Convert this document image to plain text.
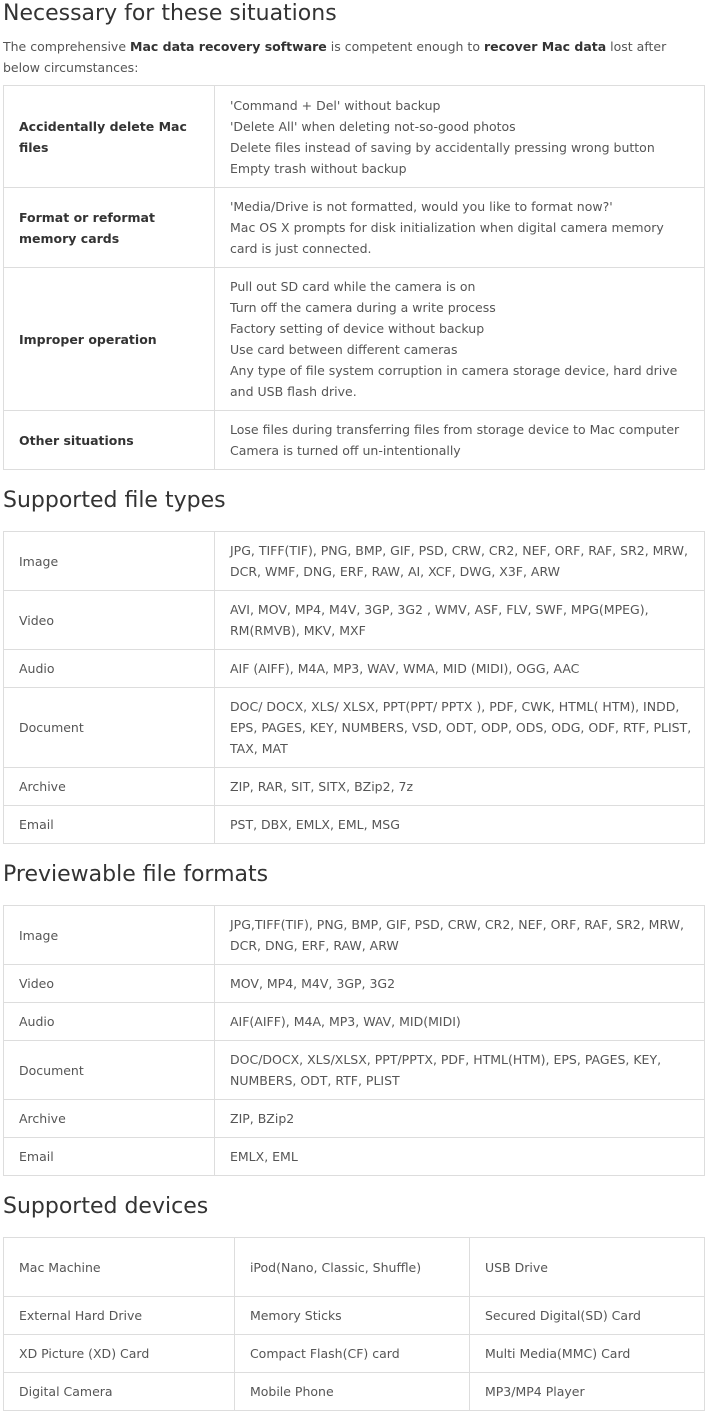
Necessary for these situations

The comprehensive Mac data recovery software is competent enough to recover Mac data lost after below circumstances:

Accidentally delete Mac files	'Command + Del' without backup
'Delete All' when deleting not-so-good photos
Delete files instead of saving by accidentally pressing wrong button
Empty trash without backup

Format or reformat memory cards	'Media/Drive is not formatted, would you like to format now?'
Mac OS X prompts for disk initialization when digital camera memory card is just connected.

Improper operation	Pull out SD card while the camera is on
Turn off the camera during a write process
Factory setting of device without backup
Use card between different cameras
Any type of file system corruption in camera storage device, hard drive and USB flash drive.

Other situations	Lose files during transferring files from storage device to Mac computer
Camera is turned off un-intentionally
Supported file types
Image	JPG, TIFF(TIF), PNG, BMP, GIF, PSD, CRW, CR2, NEF, ORF, RAF, SR2, MRW, DCR, WMF, DNG, ERF, RAW, AI, XCF, DWG, X3F, ARW
Video	AVI, MOV, MP4, M4V, 3GP, 3G2 , WMV, ASF, FLV, SWF, MPG(MPEG), RM(RMVB), MKV, MXF
Audio	AIF (AIFF), M4A, MP3, WAV, WMA, MID (MIDI), OGG, AAC
Document	DOC/ DOCX, XLS/ XLSX, PPT(PPT/ PPTX ), PDF, CWK, HTML( HTM), INDD, EPS, PAGES, KEY, NUMBERS, VSD, ODT, ODP, ODS, ODG, ODF, RTF, PLIST, TAX, MAT
Archive	ZIP, RAR, SIT, SITX, BZip2, 7z
Email	PST, DBX, EMLX, EML, MSG
Previewable file formats
Image	JPG,TIFF(TIF), PNG, BMP, GIF, PSD, CRW, CR2, NEF, ORF, RAF, SR2, MRW, DCR, DNG, ERF, RAW, ARW
Video	MOV, MP4, M4V, 3GP, 3G2
Audio	AIF(AIFF), M4A, MP3, WAV, MID(MIDI)
Document	DOC/DOCX, XLS/XLSX, PPT/PPTX, PDF, HTML(HTM), EPS, PAGES, KEY, NUMBERS, ODT, RTF, PLIST
Archive	ZIP, BZip2
Email	EMLX, EML
Supported devices
Mac Machine	iPod(Nano, Classic, Shuffle)	USB Drive
External Hard Drive	Memory Sticks	Secured Digital(SD) Card
XD Picture (XD) Card	Compact Flash(CF) card	Multi Media(MMC) Card
Digital Camera	Mobile Phone	MP3/MP4 Player
